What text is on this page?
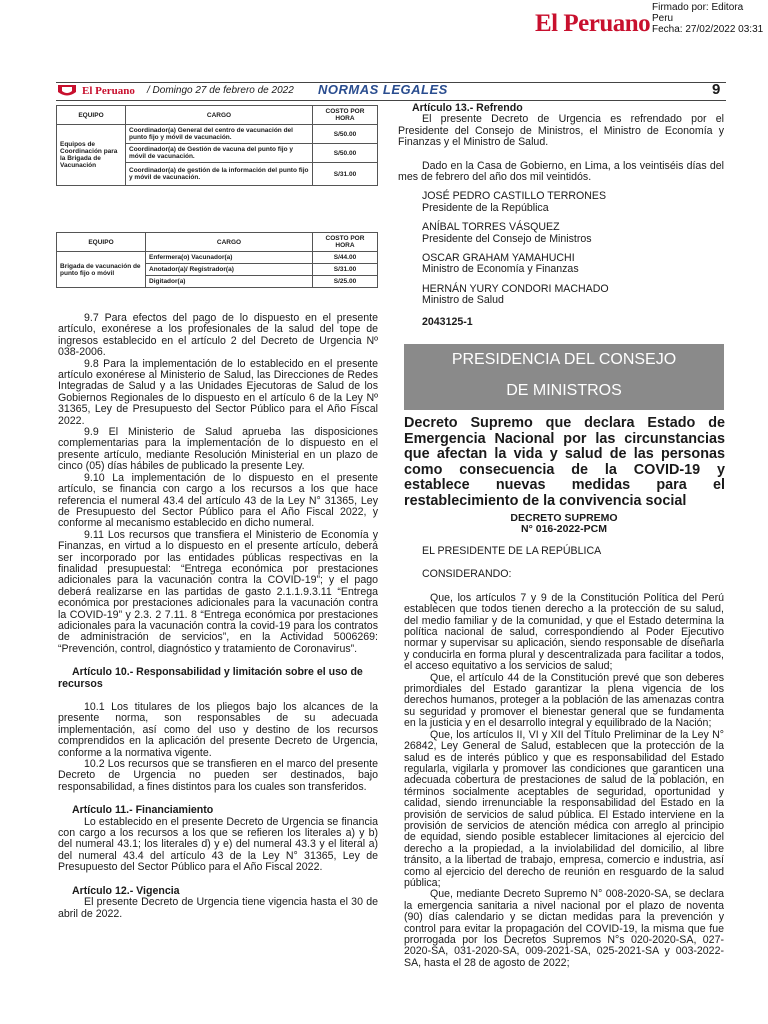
El Peruano
Firmado por: Editora
Peru
Fecha: 27/02/2022 03:31
El Peruano / Domingo 27 de febrero de 2022 NORMAS LEGALES	9
EQUIPO	CARGO	COSTO POR HORA
Equipos de Coordinación para la Brigada de Vacunación	Coordinador(a) General del centro de vacunación del punto fijo y móvil de vacunación.	S/50.00
	Coordinador(a) de Gestión de vacuna del punto fijo y móvil de vacunación.	S/50.00
	Coordinador(a) de gestión de la información del punto fijo y móvil de vacunación.	S/31.00
EQUIPO	CARGO	COSTO POR HORA
Brigada de vacunación de punto fijo o móvil	Enfermera(o) Vacunador(a)	S/44.00
	Anotador(a)/ Registrador(a)	S/31.00
	Digitador(a)	S/25.00

9.7 Para efectos del pago de lo dispuesto en el presente artículo, exonérese a los profesionales de la salud del tope de ingresos establecido en el artículo 2 del Decreto de Urgencia Nº 038-2006.

9.8 Para la implementación de lo establecido en el presente artículo exonérese al Ministerio de Salud, las Direcciones de Redes Integradas de Salud y a las Unidades Ejecutoras de Salud de los Gobiernos Regionales de lo dispuesto en el artículo 6 de la Ley Nº 31365, Ley de Presupuesto del Sector Público para el Año Fiscal 2022.

9.9 El Ministerio de Salud aprueba las disposiciones complementarias para la implementación de lo dispuesto en el presente artículo, mediante Resolución Ministerial en un plazo de cinco (05) días hábiles de publicado la presente Ley.

9.10 La implementación de lo dispuesto en el presente artículo, se financia con cargo a los recursos a los que hace referencia el numeral 43.4 del artículo 43 de la Ley N° 31365, Ley de Presupuesto del Sector Público para el Año Fiscal 2022, y conforme al mecanismo establecido en dicho numeral.

9.11 Los recursos que transfiera el Ministerio de Economía y Finanzas, en virtud a lo dispuesto en el presente artículo, deberá ser incorporado por las entidades públicas respectivas en la finalidad presupuestal: “Entrega económica por prestaciones adicionales para la vacunación contra la COVID-19”; y el pago deberá realizarse en las partidas de gasto 2.1.1.9.3.11 “Entrega económica por prestaciones adicionales para la vacunación contra la COVID-19” y 2.3. 2 7.11. 8 “Entrega económica por prestaciones adicionales para la vacunación contra la covid-19 para los contratos de administración de servicios”, en la Actividad 5006269: “Prevención, control, diagnóstico y tratamiento de Coronavirus”.

Artículo 10.- Responsabilidad y limitación sobre el uso de recursos

10.1 Los titulares de los pliegos bajo los alcances de la presente norma, son responsables de su adecuada implementación, así como del uso y destino de los recursos comprendidos en la aplicación del presente Decreto de Urgencia, conforme a la normativa vigente.

10.2 Los recursos que se transfieren en el marco del presente Decreto de Urgencia no pueden ser destinados, bajo responsabilidad, a fines distintos para los cuales son transferidos.

Artículo 11.- Financiamiento

Lo establecido en el presente Decreto de Urgencia se financia con cargo a los recursos a los que se refieren los literales a) y b) del numeral 43.1; los literales d) y e) del numeral 43.3 y el literal a) del numeral 43.4 del artículo 43 de la Ley N° 31365, Ley de Presupuesto del Sector Público para el Año Fiscal 2022.

Artículo 12.- Vigencia

El presente Decreto de Urgencia tiene vigencia hasta el 30 de abril de 2022.

Artículo 13.- Refrendo

El presente Decreto de Urgencia es refrendado por el Presidente del Consejo de Ministros, el Ministro de Economía y Finanzas y el Ministro de Salud.

Dado en la Casa de Gobierno, en Lima, a los veintiséis días del mes de febrero del año dos mil veintidós.

JOSÉ PEDRO CASTILLO TERRONES
Presidente de la República
ANÍBAL TORRES VÁSQUEZ
Presidente del Consejo de Ministros
OSCAR GRAHAM YAMAHUCHI
Ministro de Economía y Finanzas
HERNÁN YURY CONDORI MACHADO
Ministro de Salud
2043125-1
PRESIDENCIA DEL CONSEJO
DE MINISTROS
Decreto Supremo que declara Estado de Emergencia Nacional por las circunstancias que afectan la vida y salud de las personas como consecuencia de la COVID-19 y establece nuevas medidas para el restablecimiento de la convivencia social
DECRETO SUPREMO
N° 016-2022-PCM

EL PRESIDENTE DE LA REPÚBLICA

CONSIDERANDO:

Que, los artículos 7 y 9 de la Constitución Política del Perú establecen que todos tienen derecho a la protección de su salud, del medio familiar y de la comunidad, y que el Estado determina la política nacional de salud, correspondiendo al Poder Ejecutivo normar y supervisar su aplicación, siendo responsable de diseñarla y conducirla en forma plural y descentralizada para facilitar a todos, el acceso equitativo a los servicios de salud;

Que, el artículo 44 de la Constitución prevé que son deberes primordiales del Estado garantizar la plena vigencia de los derechos humanos, proteger a la población de las amenazas contra su seguridad y promover el bienestar general que se fundamenta en la justicia y en el desarrollo integral y equilibrado de la Nación;

Que, los artículos II, VI y XII del Título Preliminar de la Ley N° 26842, Ley General de Salud, establecen que la protección de la salud es de interés público y que es responsabilidad del Estado regularla, vigilarla y promover las condiciones que garanticen una adecuada cobertura de prestaciones de salud de la población, en términos socialmente aceptables de seguridad, oportunidad y calidad, siendo irrenunciable la responsabilidad del Estado en la provisión de servicios de salud pública. El Estado interviene en la provisión de servicios de atención médica con arreglo al principio de equidad, siendo posible establecer limitaciones al ejercicio del derecho a la propiedad, a la inviolabilidad del domicilio, al libre tránsito, a la libertad de trabajo, empresa, comercio e industria, así como al ejercicio del derecho de reunión en resguardo de la salud pública;

Que, mediante Decreto Supremo N° 008-2020-SA, se declara la emergencia sanitaria a nivel nacional por el plazo de noventa (90) días calendario y se dictan medidas para la prevención y control para evitar la propagación del COVID-19, la misma que fue prorrogada por los Decretos Supremos N°s 020-2020-SA, 027-2020-SA, 031-2020-SA, 009-2021-SA, 025-2021-SA y 003-2022-SA, hasta el 28 de agosto de 2022;
